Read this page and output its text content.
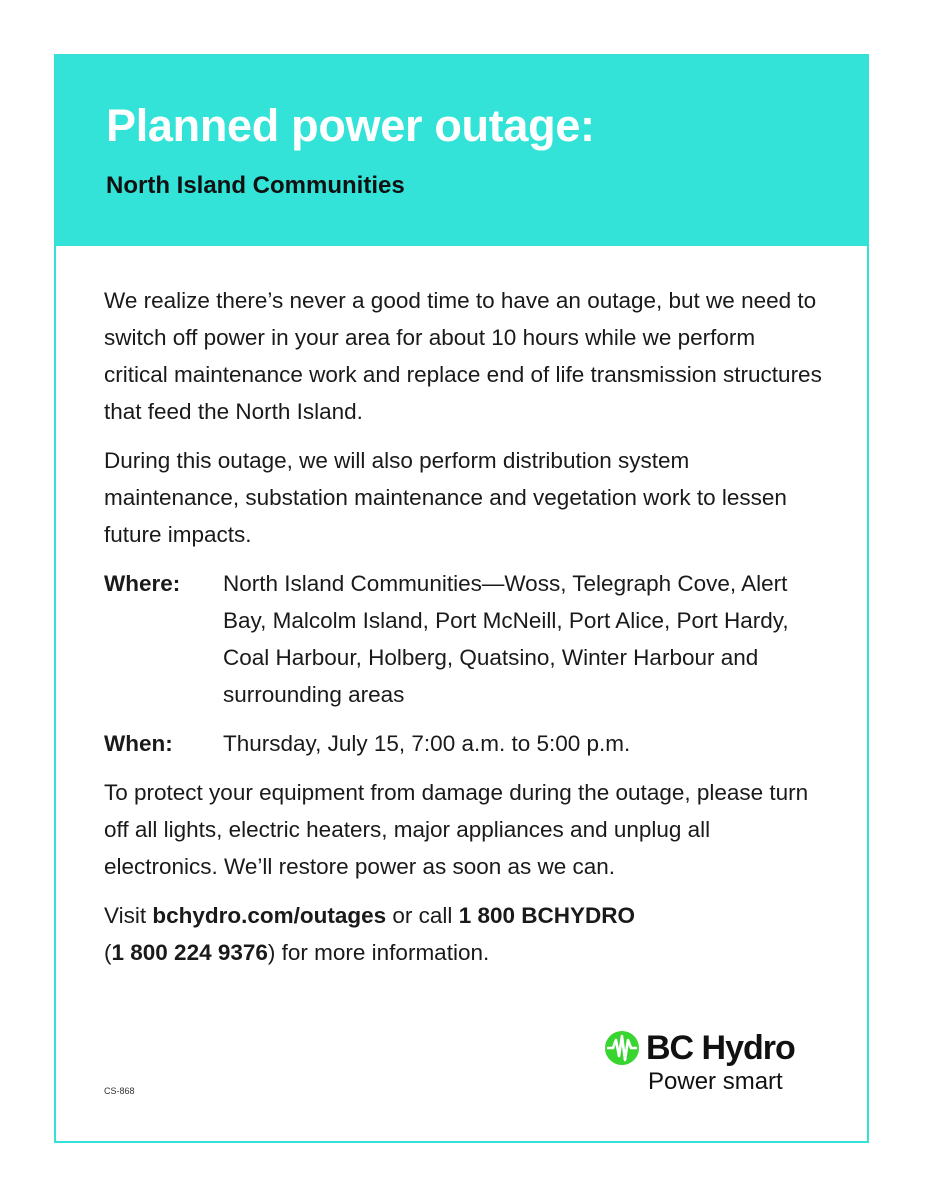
Planned power outage:
North Island Communities

We realize there’s never a good time to have an outage, but we need to switch off power in your area for about 10 hours while we perform critical maintenance work and replace end of life transmission structures that feed the North Island.

During this outage, we will also perform distribution system maintenance, substation maintenance and vegetation work to lessen future impacts.

Where:	North Island Communities—Woss, Telegraph Cove, Alert Bay, Malcolm Island, Port McNeill, Port Alice, Port Hardy, Coal Harbour, Holberg, Quatsino, Winter Harbour and surrounding areas
When:	Thursday, July 15, 7:00 a.m. to 5:00 p.m.

To protect your equipment from damage during the outage, please turn off all lights, electric heaters, major appliances and unplug all electronics. We’ll restore power as soon as we can.

Visit bchydro.com/outages or call 1 800 BCHYDRO
(1 800 224 9376) for more information.

CS-868
BC Hydro
Power smart
